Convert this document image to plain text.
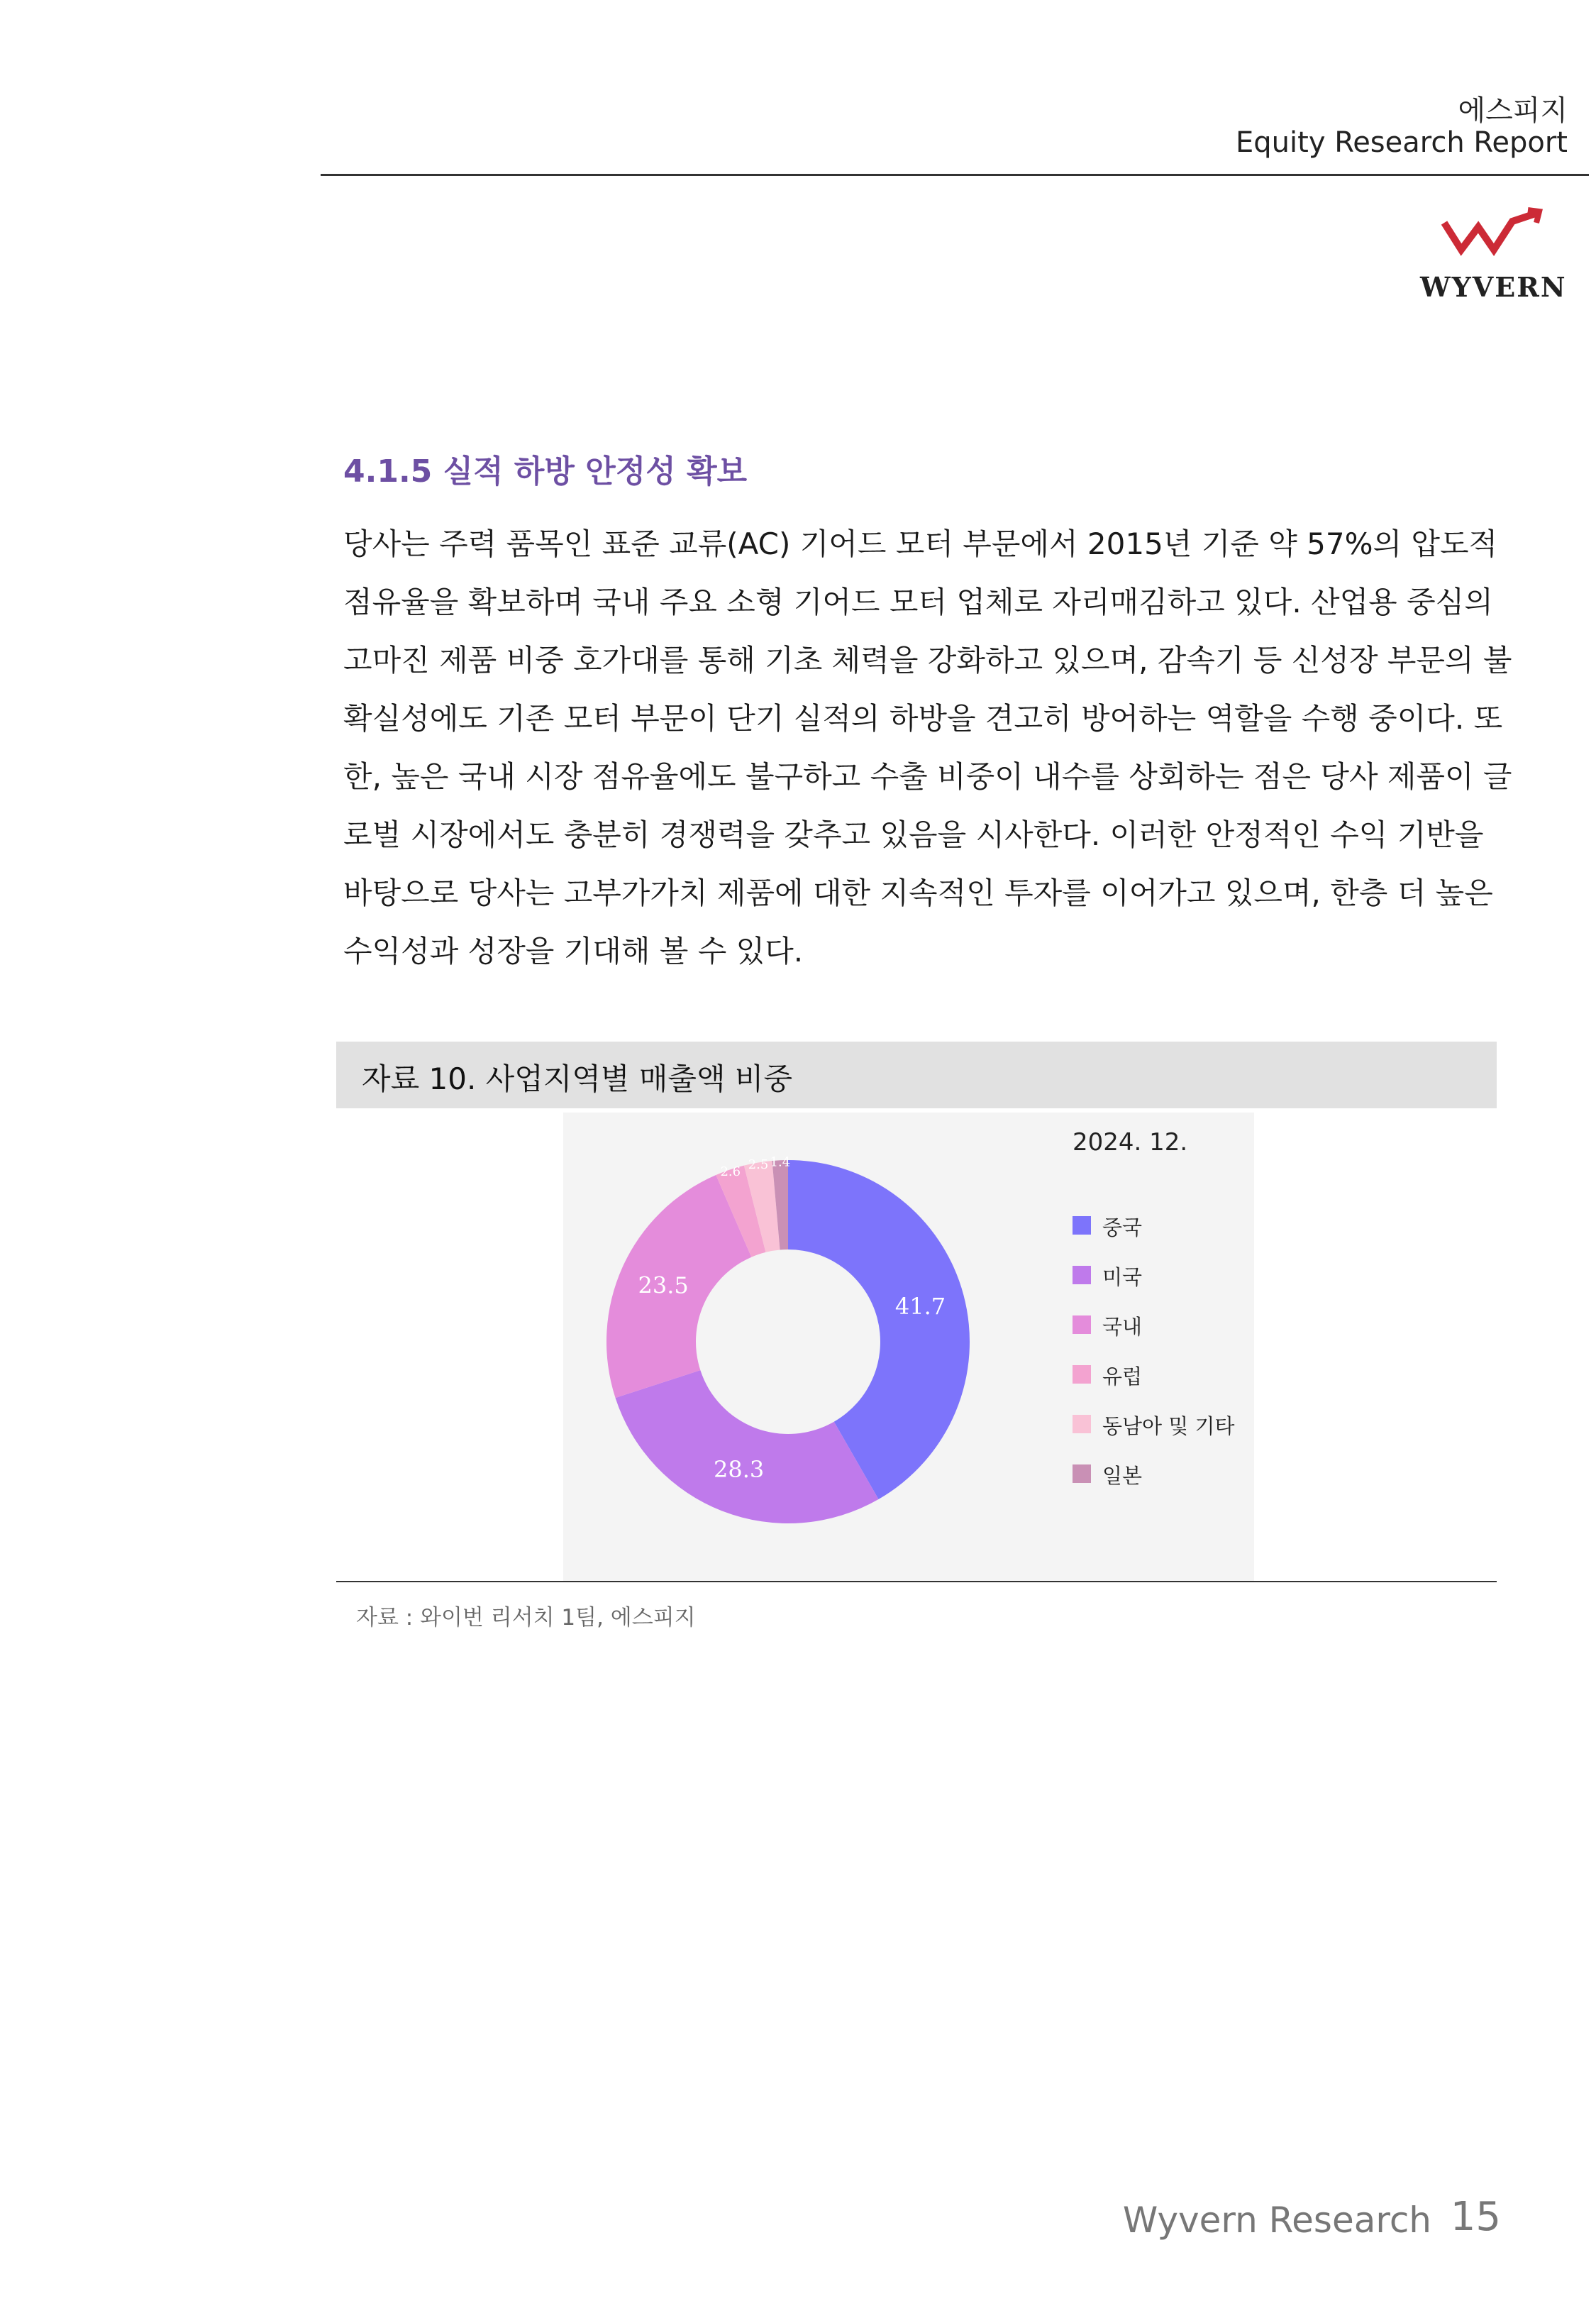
에스피지
Equity Research Report
WYVERN
4.1.5 실적 하방 안정성 확보

당사는 주력 품목인 표준 교류(AC) 기어드 모터 부문에서 2015년 기준 약 57%의 압도적 점유율을 확보하며 국내 주요 소형 기어드 모터 업체로 자리매김하고 있다. 산업용 중심의 고마진 제품 비중 호가대를 통해 기초 체력을 강화하고 있으며, 감속기 등 신성장 부문의 불확실성에도 기존 모터 부문이 단기 실적의 하방을 견고히 방어하는 역할을 수행 중이다. 또한, 높은 국내 시장 점유율에도 불구하고 수출 비중이 내수를 상회하는 점은 당사 제품이 글로벌 시장에서도 충분히 경쟁력을 갖추고 있음을 시사한다. 이러한 안정적인 수익 기반을 바탕으로 당사는 고부가가치 제품에 대한 지속적인 투자를 이어가고 있으며, 한층 더 높은 수익성과 성장을 기대해 볼 수 있다.

자료 10. 사업지역별 매출액 비중
41.7
28.3
23.5
2.6 2.5 1.4
2024. 12.
중국
미국
국내
유럽
동남아 및 기타
일본
자료 : 와이번 리서치 1팀, 에스피지
Wyvern Research 15
